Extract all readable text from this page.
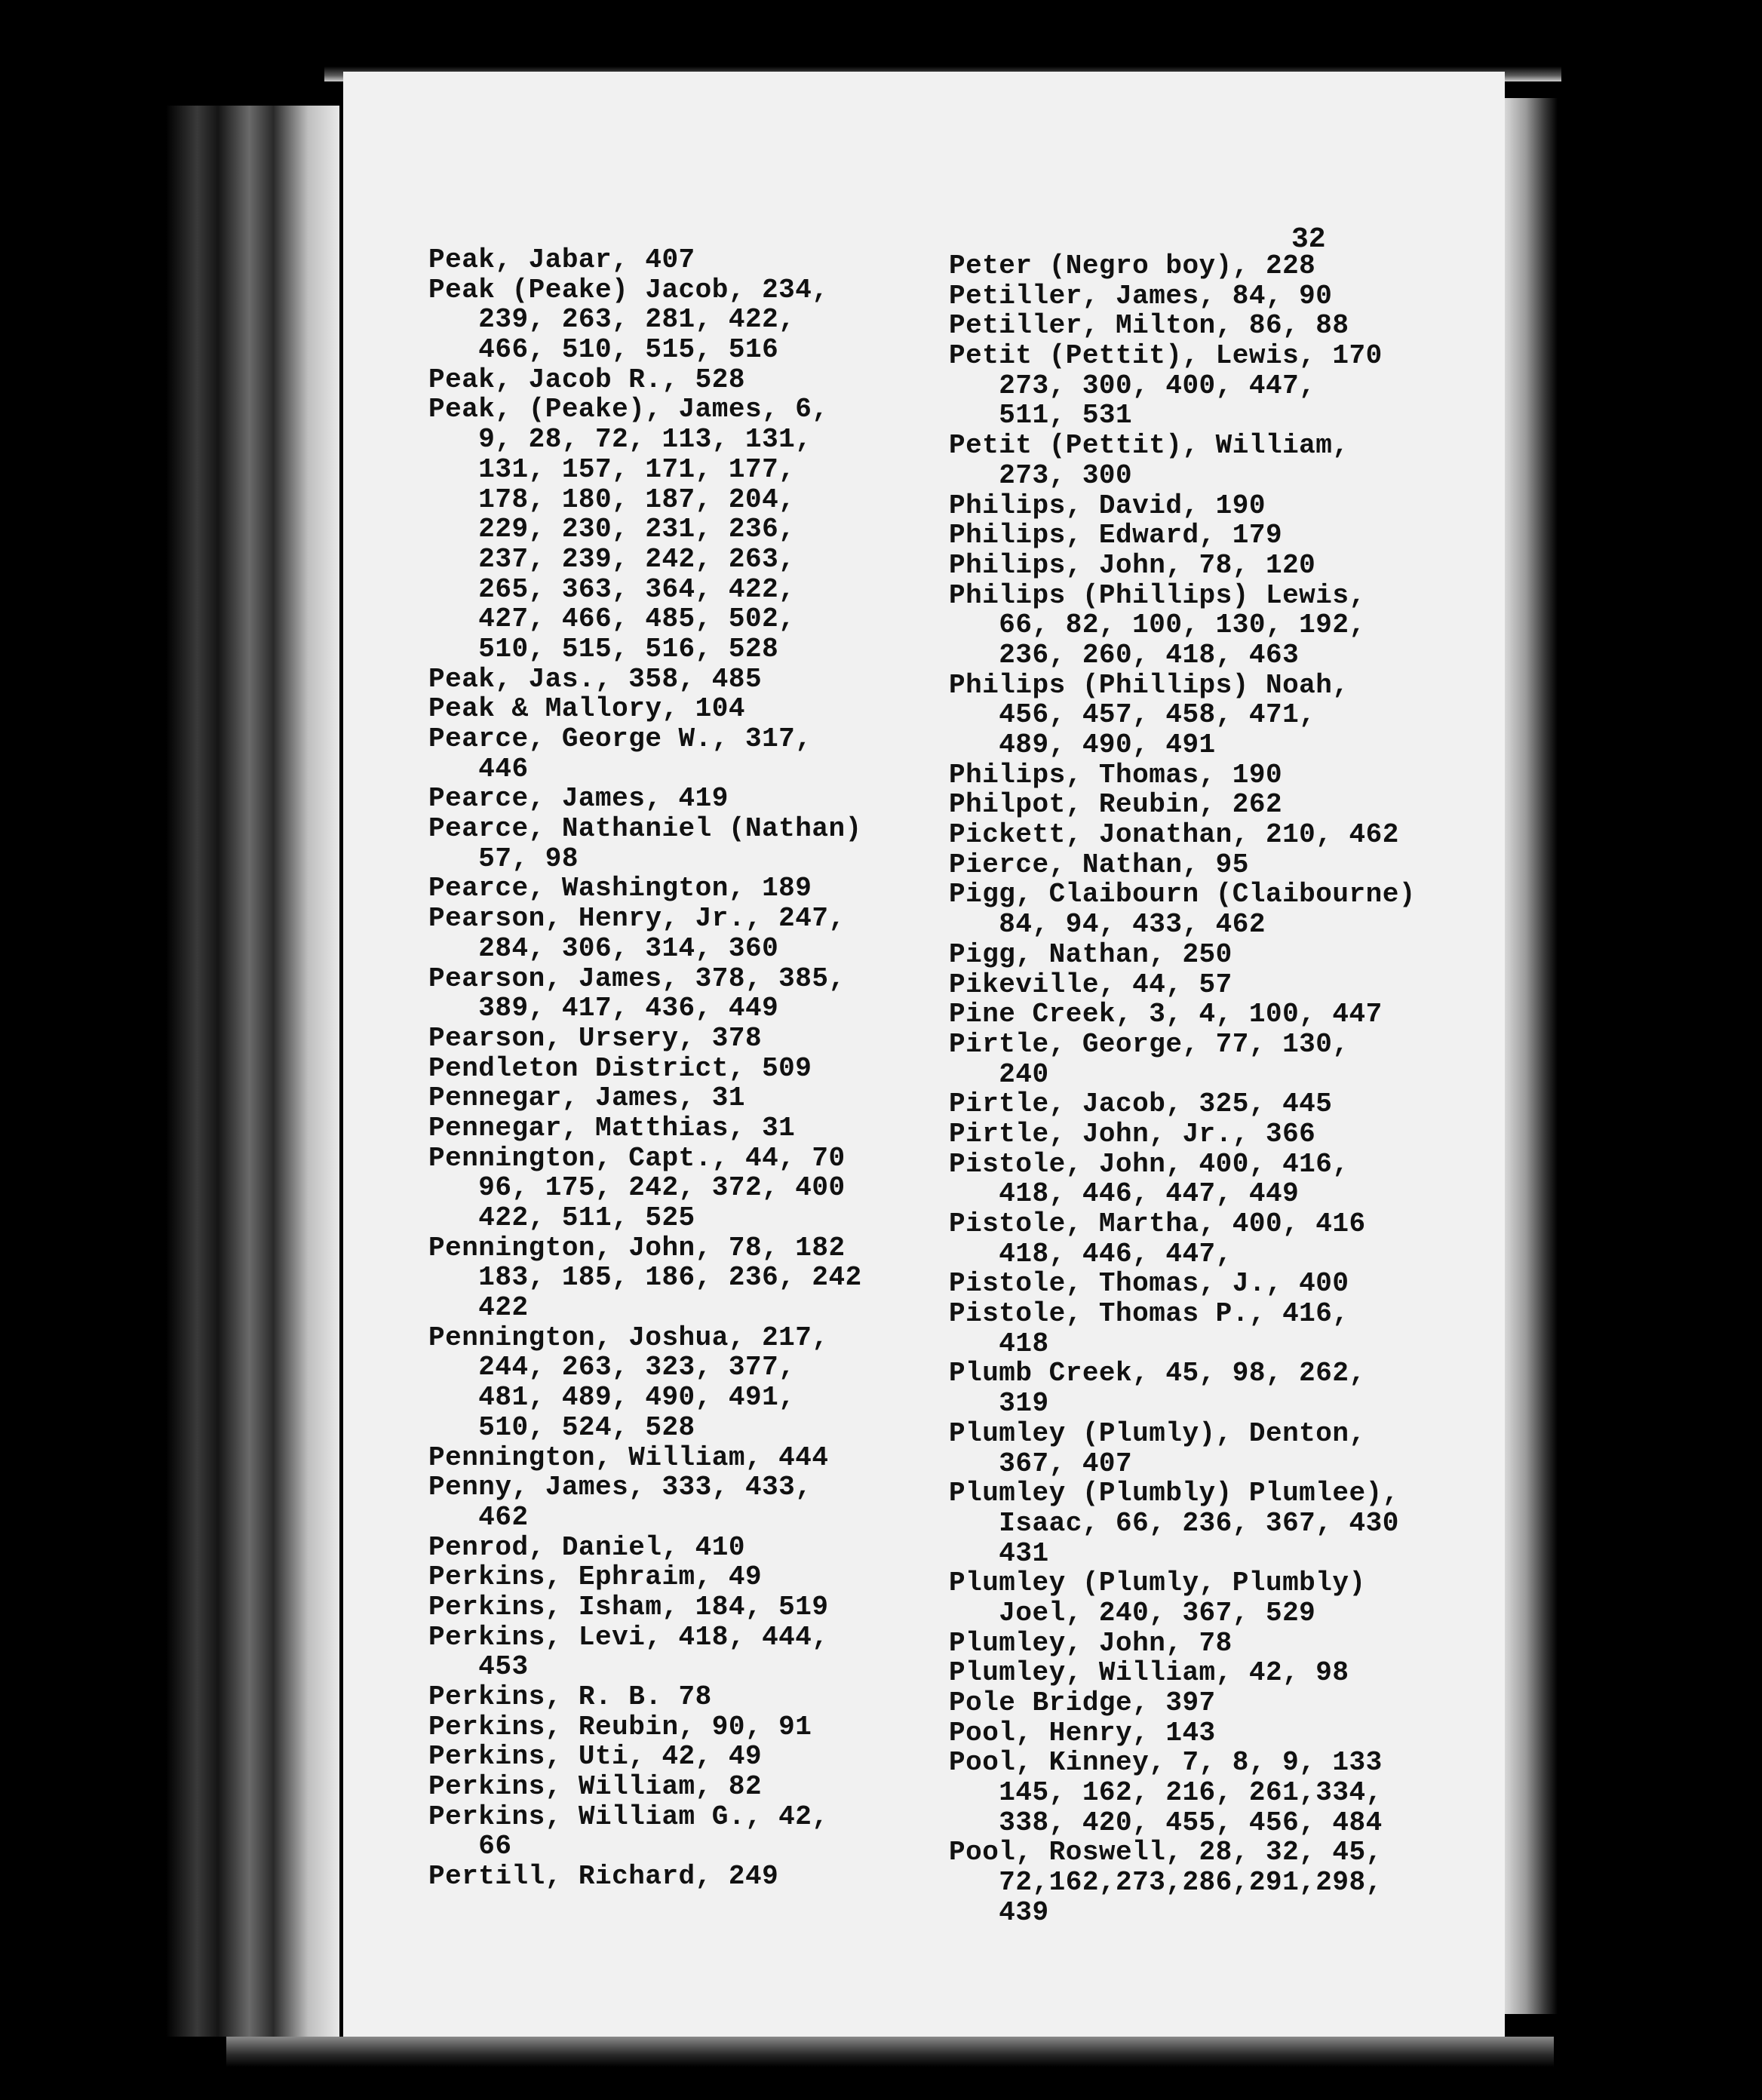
32
Peak, Jabar, 407
Peak (Peake) Jacob, 234,
239, 263, 281, 422,
466, 510, 515, 516
Peak, Jacob R., 528
Peak, (Peake), James, 6,
9, 28, 72, 113, 131,
131, 157, 171, 177,
178, 180, 187, 204,
229, 230, 231, 236,
237, 239, 242, 263,
265, 363, 364, 422,
427, 466, 485, 502,
510, 515, 516, 528
Peak, Jas., 358, 485
Peak & Mallory, 104
Pearce, George W., 317,
446
Pearce, James, 419
Pearce, Nathaniel (Nathan)
57, 98
Pearce, Washington, 189
Pearson, Henry, Jr., 247,
284, 306, 314, 360
Pearson, James, 378, 385,
389, 417, 436, 449
Pearson, Ursery, 378
Pendleton District, 509
Pennegar, James, 31
Pennegar, Matthias, 31
Pennington, Capt., 44, 70
96, 175, 242, 372, 400
422, 511, 525
Pennington, John, 78, 182
183, 185, 186, 236, 242
422
Pennington, Joshua, 217,
244, 263, 323, 377,
481, 489, 490, 491,
510, 524, 528
Pennington, William, 444
Penny, James, 333, 433,
462
Penrod, Daniel, 410
Perkins, Ephraim, 49
Perkins, Isham, 184, 519
Perkins, Levi, 418, 444,
453
Perkins, R. B. 78
Perkins, Reubin, 90, 91
Perkins, Uti, 42, 49
Perkins, William, 82
Perkins, William G., 42,
66
Pertill, Richard, 249
Peter (Negro boy), 228
Petiller, James, 84, 90
Petiller, Milton, 86, 88
Petit (Pettit), Lewis, 170
273, 300, 400, 447,
511, 531
Petit (Pettit), William,
273, 300
Philips, David, 190
Philips, Edward, 179
Philips, John, 78, 120
Philips (Phillips) Lewis,
66, 82, 100, 130, 192,
236, 260, 418, 463
Philips (Phillips) Noah,
456, 457, 458, 471,
489, 490, 491
Philips, Thomas, 190
Philpot, Reubin, 262
Pickett, Jonathan, 210, 462
Pierce, Nathan, 95
Pigg, Claibourn (Claibourne)
84, 94, 433, 462
Pigg, Nathan, 250
Pikeville, 44, 57
Pine Creek, 3, 4, 100, 447
Pirtle, George, 77, 130,
240
Pirtle, Jacob, 325, 445
Pirtle, John, Jr., 366
Pistole, John, 400, 416,
418, 446, 447, 449
Pistole, Martha, 400, 416
418, 446, 447,
Pistole, Thomas, J., 400
Pistole, Thomas P., 416,
418
Plumb Creek, 45, 98, 262,
319
Plumley (Plumly), Denton,
367, 407
Plumley (Plumbly) Plumlee),
Isaac, 66, 236, 367, 430
431
Plumley (Plumly, Plumbly)
Joel, 240, 367, 529
Plumley, John, 78
Plumley, William, 42, 98
Pole Bridge, 397
Pool, Henry, 143
Pool, Kinney, 7, 8, 9, 133
145, 162, 216, 261,334,
338, 420, 455, 456, 484
Pool, Roswell, 28, 32, 45,
72,162,273,286,291,298,
439
